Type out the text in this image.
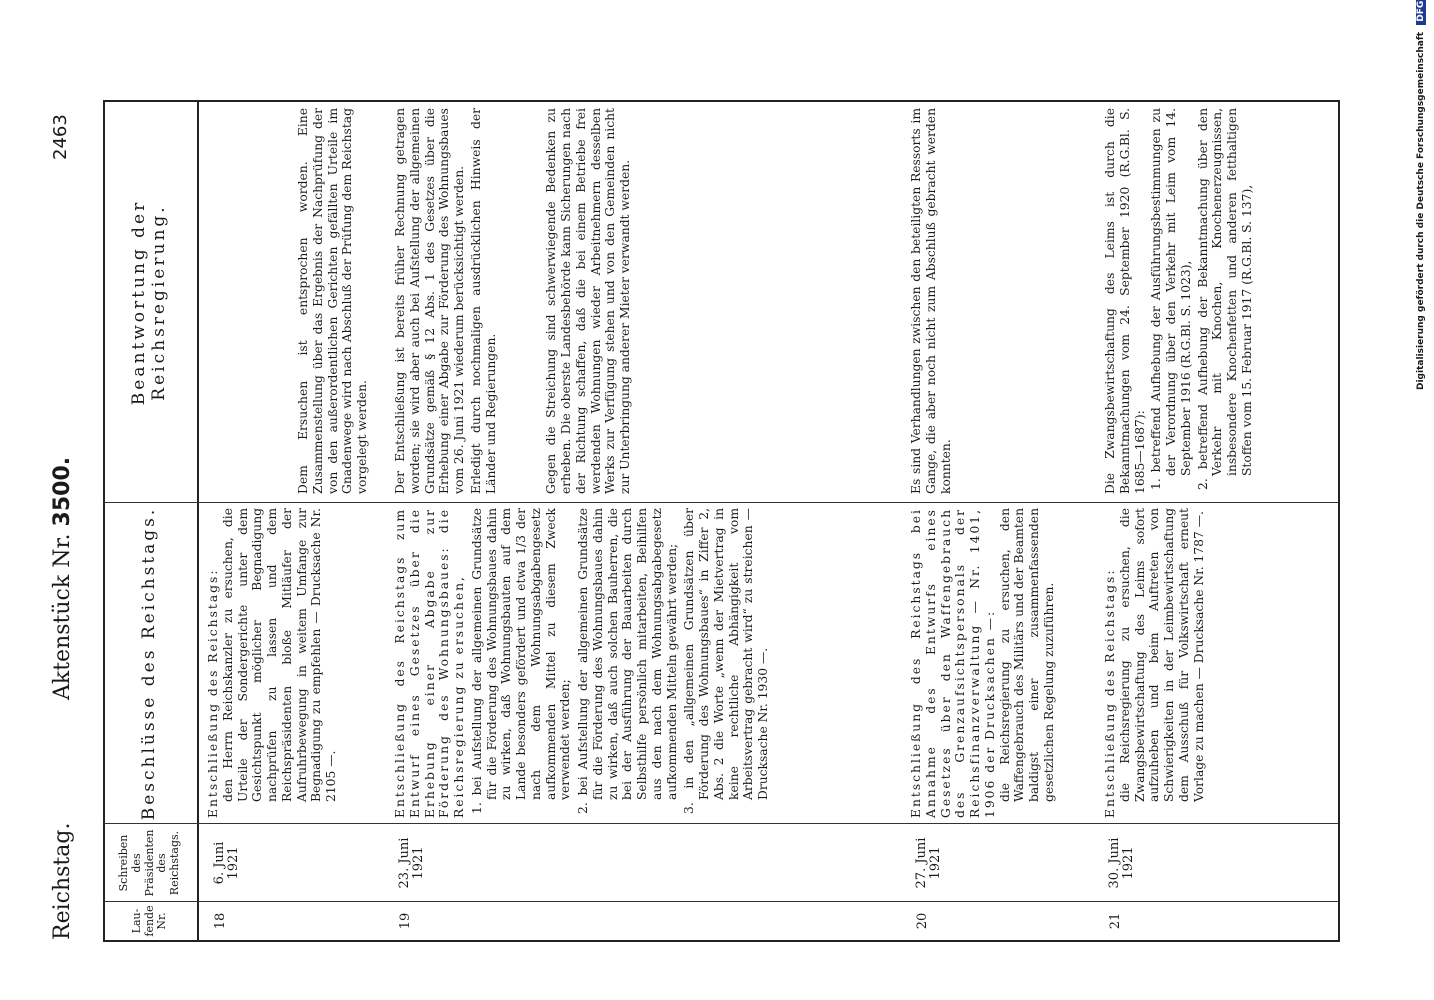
Reichstag.
Aktenstück Nr. 3500.
2463
Lau-
fende
Nr.
Schreiben
des
Präsidenten
des
Reichstags.
Beschlüsse des Reichstags.
Beantwortung der Reichsregierung.
18
6. Juni
1921

Entschließung des Reichstags: den Herrn Reichskanzler zu ersuchen, die Urteile der Sondergerichte unter dem Gesichtspunkt möglicher Begnadigung nachprüfen zu lassen und dem Reichspräsidenten bloße Mitläufer der Aufruhrbewegung in weitem Umfange zur Begnadigung zu empfehlen — Drucksache Nr. 2105 —.

Dem Ersuchen ist entsprochen worden. Eine Zusammenstellung über das Ergebnis der Nachprüfung der von den außerordentlichen Gerichten gefällten Urteile im Gnadenwege wird nach Abschluß der Prüfung dem Reichstag vorgelegt werden.

19
23. Juni
1921

Entschließung des Reichstags zum Entwurf eines Gesetzes über die Erhebung einer Abgabe zur Förderung des Wohnungsbaues: die Reichsregierung zu ersuchen, 1. bei Aufstellung der allgemeinen Grundsätze für die Förderung des Wohnungsbaues dahin zu wirken, daß Wohnungsbauten auf dem Lande besonders gefördert und etwa 1/3 der nach dem Wohnungsabgabengesetz aufkommenden Mittel zu diesem Zweck verwendet werden; 2. bei Aufstellung der allgemeinen Grundsätze für die Förderung des Wohnungsbaues dahin zu wirken, daß auch solchen Bauherren, die bei der Ausführung der Bauarbeiten durch Selbsthilfe persönlich mitarbeiten, Beihilfen aus den nach dem Wohnungsabgabegesetz aufkommenden Mitteln gewährt werden; 3. in den „allgemeinen Grundsätzen über Förderung des Wohnungsbaues“ in Ziffer 2, Abs. 2 die Worte „wenn der Mietvertrag in keine rechtliche Abhängigkeit vom Arbeitsvertrag gebracht wird“ zu streichen — Drucksache Nr. 1930 —.

Der Entschließung ist bereits früher Rechnung getragen worden; sie wird aber auch bei Aufstellung der allgemeinen Grundsätze gemäß § 12 Abs. 1 des Gesetzes über die Erhebung einer Abgabe zur Förderung des Wohnungsbaues vom 26. Juni 1921 wiederum berücksichtigt werden. Erledigt durch nochmaligen ausdrücklichen Hinweis der Länder und Regierungen.	Gegen die Streichung sind schwerwiegende Bedenken zu erheben. Die oberste Landesbehörde kann Sicherungen nach der Richtung schaffen, daß die bei einem Betriebe frei werdenden Wohnungen wieder Arbeitnehmern desselben Werks zur Verfügung stehen und von den Gemeinden nicht zur Unterbringung anderer Mieter verwandt werden.

20
27. Juni
1921

Entschließung des Reichstags bei Annahme des Entwurfs eines Gesetzes über den Waffengebrauch des Grenzaufsichtspersonals der Reichsfinanzverwaltung — Nr. 1401, 1906 der Drucksachen —: die Reichsregierung zu ersuchen, den Waffengebrauch des Militärs und der Beamten baldigst einer zusammenfassenden gesetzlichen Regelung zuzuführen.

Es sind Verhandlungen zwischen den beteiligten Ressorts im Gange, die aber noch nicht zum Abschluß gebracht werden konnten.

21
30. Juni
1921

Entschließung des Reichstags: die Reichsregierung zu ersuchen, die Zwangsbewirtschaftung des Leims sofort aufzuheben und beim Auftreten von Schwierigkeiten in der Leimbewirtschaftung dem Ausschuß für Volkswirtschaft erneut Vorlage zu machen — Drucksache Nr. 1787 —.

Die Zwangsbewirtschaftung des Leims ist durch die Bekanntmachungen vom 24. September 1920 (R.G.Bl. S. 1685—1687): 1. betreffend Aufhebung der Ausführungsbestimmungen zu der Verordnung über den Verkehr mit Leim vom 14. September 1916 (R.G.Bl. S. 1023), 2. betreffend Aufhebung der Bekanntmachung über den Verkehr mit Knochen, Knochenerzeugnissen, insbesondere Knochenfetten und anderen fetthaltigen Stoffen vom 15. Februar 1917 (R.G.Bl. S. 137),	Digitalisierung gefördert durch die Deutsche Forschungsgemeinschaft DFG
